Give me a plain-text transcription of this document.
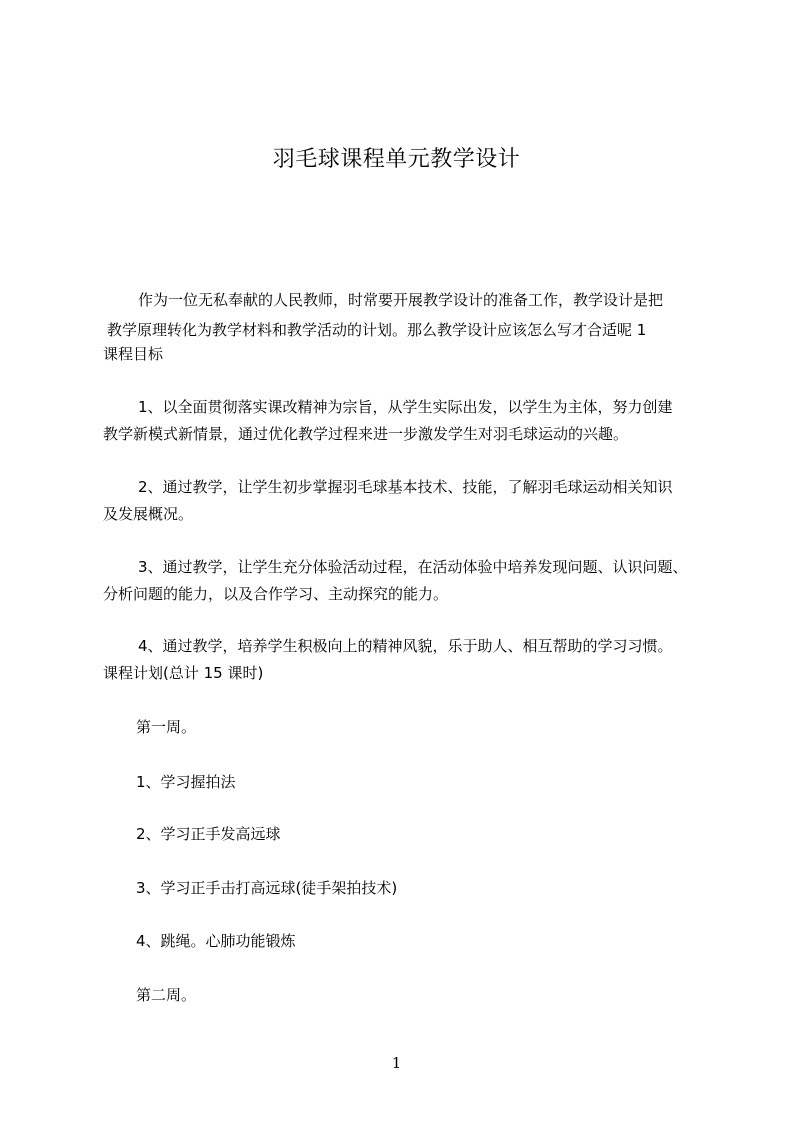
羽毛球课程单元教学设计
作为一位无私奉献的人民教师，时常要开展教学设计的准备工作，教学设计是把
教学原理转化为教学材料和教学活动的计划。那么教学设计应该怎么写才合适呢 1
课程目标
1、以全面贯彻落实课改精神为宗旨，从学生实际出发，以学生为主体，努力创建
教学新模式新情景，通过优化教学过程来进一步激发学生对羽毛球运动的兴趣。
2、通过教学，让学生初步掌握羽毛球基本技术、技能，了解羽毛球运动相关知识
及发展概况。
3、通过教学，让学生充分体验活动过程，在活动体验中培养发现问题、认识问题、
分析问题的能力，以及合作学习、主动探究的能力。
4、通过教学，培养学生积极向上的精神风貌，乐于助人、相互帮助的学习习惯。
课程计划(总计 15 课时)
第一周。
1、学习握拍法
2、学习正手发高远球
3、学习正手击打高远球(徒手架拍技术)
4、跳绳。心肺功能锻炼
第二周。
1
